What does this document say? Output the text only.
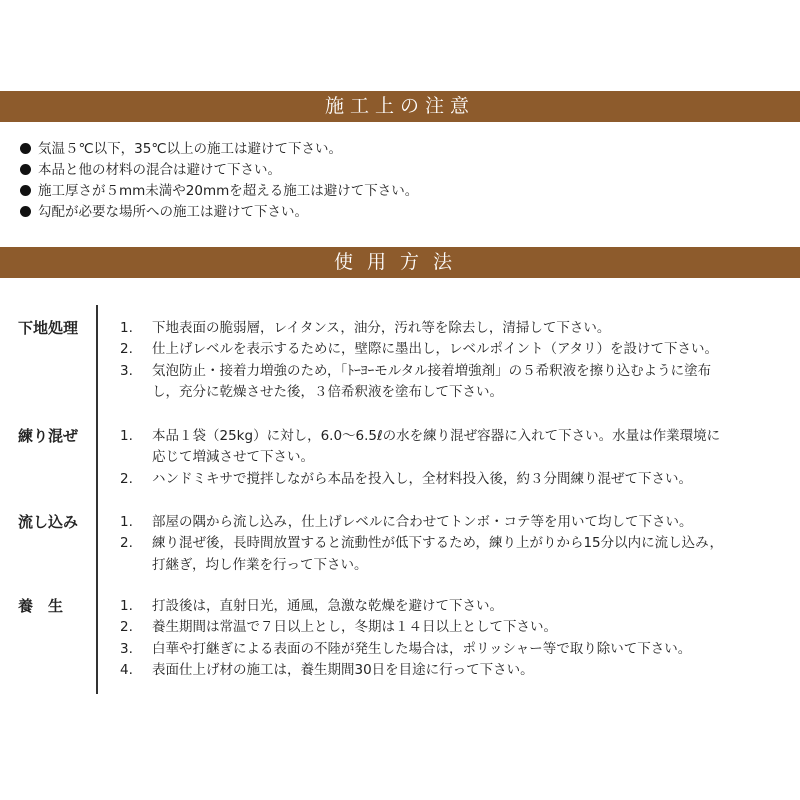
施工上の注意
気温５℃以下，35℃以上の施工は避けて下さい。
本品と他の材料の混合は避けて下さい。
施工厚さが５mm未満や20mmを超える施工は避けて下さい。
勾配が必要な場所への施工は避けて下さい。
使用方法
下地処理	1. 下地表面の脆弱層，レイタンス，油分，汚れ等を除去し，清掃して下さい。
2. 仕上げレベルを表示するために，壁際に墨出し，レベルポイント（アタリ）を設けて下さい。
3. 気泡防止・接着力増強のため，「ﾄｰﾖｰモルタル接着増強剤」の５希釈液を擦り込むように塗布
し，充分に乾燥させた後，３倍希釈液を塗布して下さい。
練り混ぜ	1. 本品１袋（25kg）に対し，6.0～6.5ℓの水を練り混ぜ容器に入れて下さい。水量は作業環境に
応じて増減させて下さい。
2. ハンドミキサで撹拌しながら本品を投入し，全材料投入後，約３分間練り混ぜて下さい。
流し込み	1. 部屋の隅から流し込み，仕上げレベルに合わせてトンボ・コテ等を用いて均して下さい。
2. 練り混ぜ後，長時間放置すると流動性が低下するため，練り上がりから15分以内に流し込み，
打継ぎ，均し作業を行って下さい。
養　生	1. 打設後は，直射日光，通風，急激な乾燥を避けて下さい。
2. 養生期間は常温で７日以上とし，冬期は１４日以上として下さい。
3. 白華や打継ぎによる表面の不陸が発生した場合は，ポリッシャー等で取り除いて下さい。
4. 表面仕上げ材の施工は，養生期間30日を目途に行って下さい。
